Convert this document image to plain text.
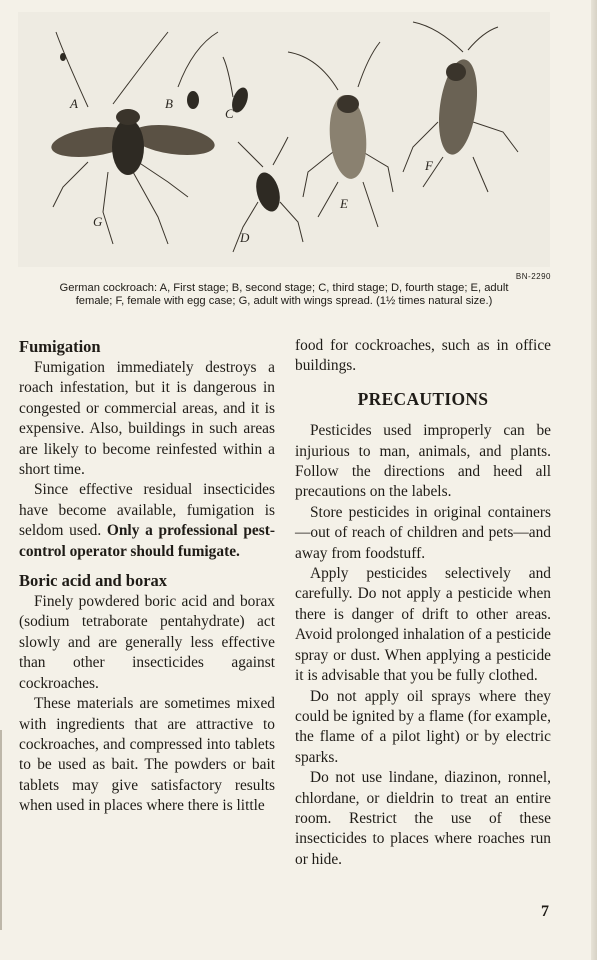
A	B
C
D
E
F
G
BN-2290
German cockroach: A, First stage; B, second stage; C, third stage; D, fourth stage; E, adult
female; F, female with egg case; G, adult with wings spread. (1½ times natural size.)
Fumigation

Fumigation immediately destroys a roach infestation, but it is dangerous in congested or commercial areas, and it is expensive. Also, buildings in such areas are likely to become reinfested within a short time.

Since effective residual insecticides have become available, fumigation is seldom used. Only a professional pest-control operator should fumigate.

Boric acid and borax

Finely powdered boric acid and borax (sodium tetraborate pentahydrate) act slowly and are generally less effective than other insecticides against cockroaches.

These materials are sometimes mixed with ingredients that are attractive to cockroaches, and compressed into tablets to be used as bait. The powders or bait tablets may give satisfactory results when used in places where there is little

food for cockroaches, such as in office buildings.

PRECAUTIONS

Pesticides used improperly can be injurious to man, animals, and plants. Follow the directions and heed all precautions on the labels.

Store pesticides in original containers—out of reach of children and pets—and away from foodstuff.

Apply pesticides selectively and carefully. Do not apply a pesticide when there is danger of drift to other areas. Avoid prolonged inhalation of a pesticide spray or dust. When applying a pesticide it is advisable that you be fully clothed.

Do not apply oil sprays where they could be ignited by a flame (for example, the flame of a pilot light) or by electric sparks.

Do not use lindane, diazinon, ronnel, chlordane, or dieldrin to treat an entire room. Restrict the use of these insecticides to places where roaches run or hide.

7
